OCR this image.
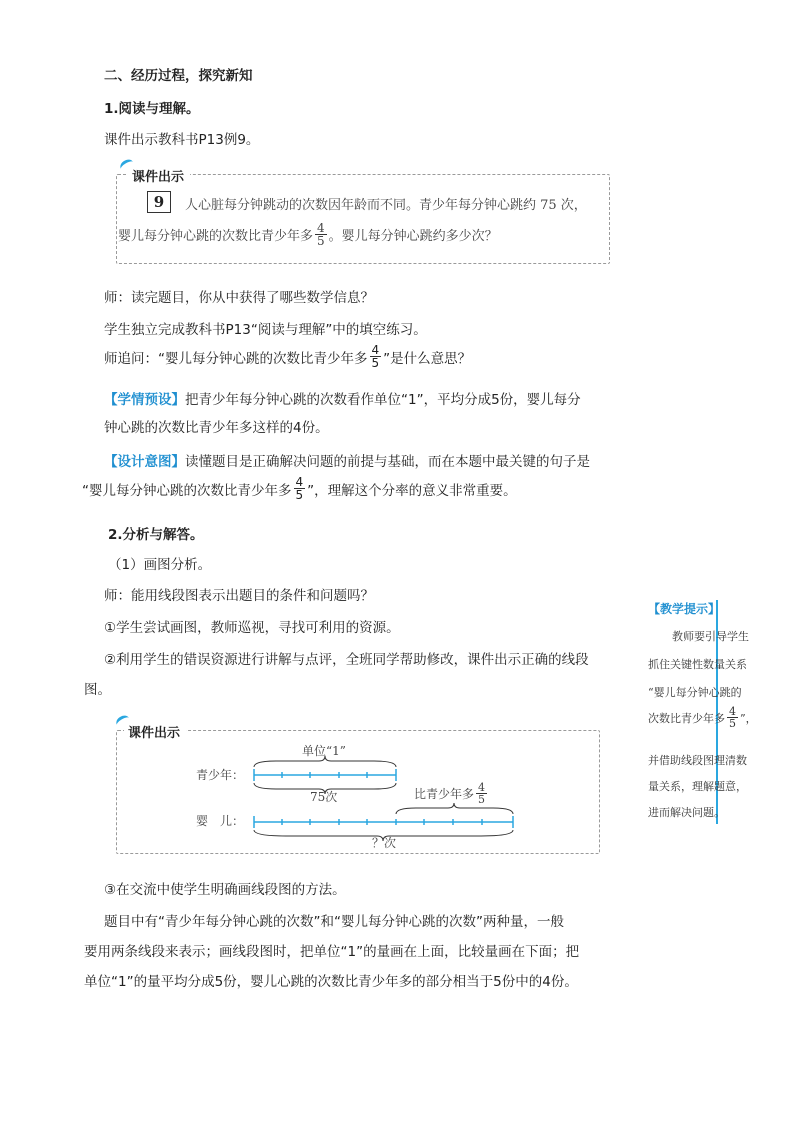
二、经历过程，探究新知
1.阅读与理解。
课件出示教科书P13例9。
课件出示
9	人心脏每分钟跳动的次数因年龄而不同。青少年每分钟心跳约 75 次，
婴儿每分钟心跳的次数比青少年多 $\frac{4}{5}$ 。婴儿每分钟心跳约多少次？
师：读完题目，你从中获得了哪些数学信息？
学生独立完成教科书P13“阅读与理解”中的填空练习。
师追问：“婴儿每分钟心跳的次数比青少年多 $\frac{4}{5}$ ”是什么意思？
【学情预设】把青少年每分钟心跳的次数看作单位“1”，平均分成5份，婴儿每分
钟心跳的次数比青少年多这样的4份。
【设计意图】读懂题目是正确解决问题的前提与基础，而在本题中最关键的句子是
“婴儿每分钟心跳的次数比青少年多 $\frac{4}{5}$ ”，理解这个分率的意义非常重要。
2.分析与解答。
（1）画图分析。
师：能用线段图表示出题目的条件和问题吗？
①学生尝试画图，教师巡视，寻找可利用的资源。
②利用学生的错误资源进行讲解与点评，全班同学帮助修改，课件出示正确的线段
图。
课件出示
青少年：
婴　儿：
单位“1”
75次	比青少年多 $\frac{4}{5}$
？次
③在交流中使学生明确画线段图的方法。
题目中有“青少年每分钟心跳的次数”和“婴儿每分钟心跳的次数”两种量，一般
要用两条线段来表示；画线段图时，把单位“1”的量画在上面，比较量画在下面；把
单位“1”的量平均分成5份，婴儿心跳的次数比青少年多的部分相当于5份中的4份。
【教学提示】
教师要引导学生
抓住关键性数量关系
“婴儿每分钟心跳的
次数比青少年多 $\frac{4}{5}$ ”，
并借助线段图理清数
量关系，理解题意，
进而解决问题。
